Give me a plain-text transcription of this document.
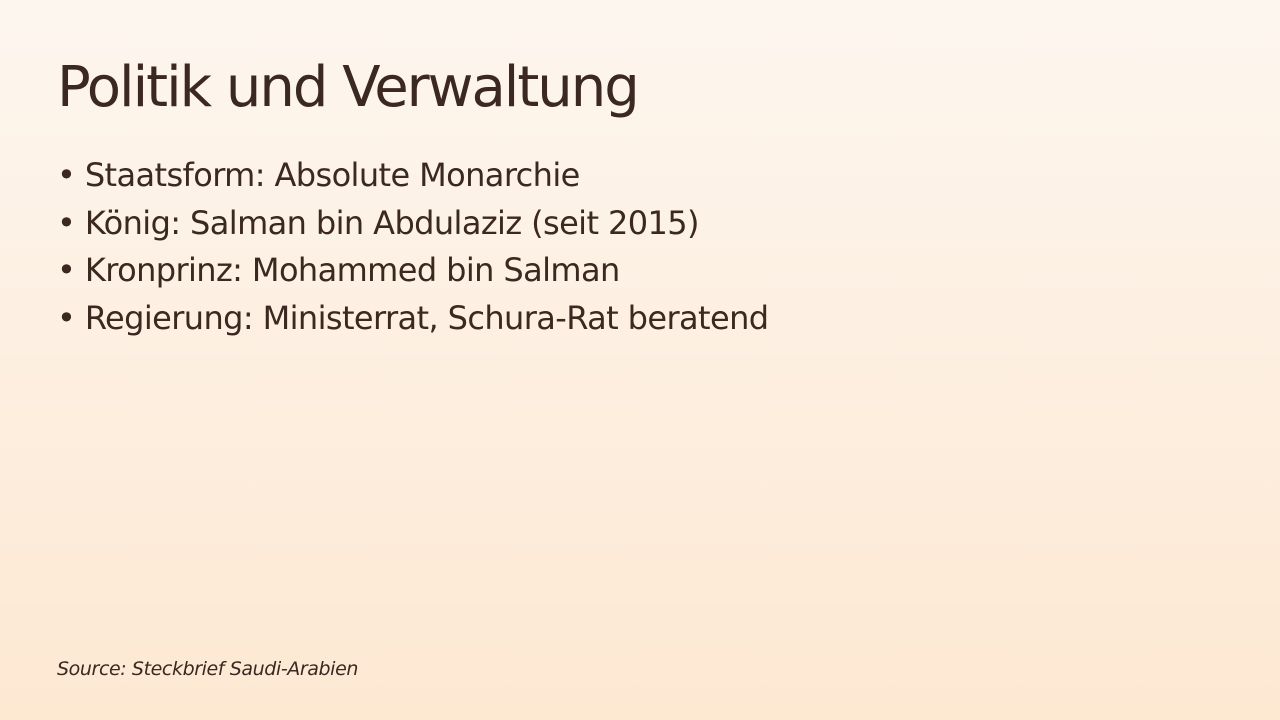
Politik und Verwaltung
• Staatsform: Absolute Monarchie
• König: Salman bin Abdulaziz (seit 2015)
• Kronprinz: Mohammed bin Salman
• Regierung: Ministerrat, Schura-Rat beratend
Source: Steckbrief Saudi-Arabien
